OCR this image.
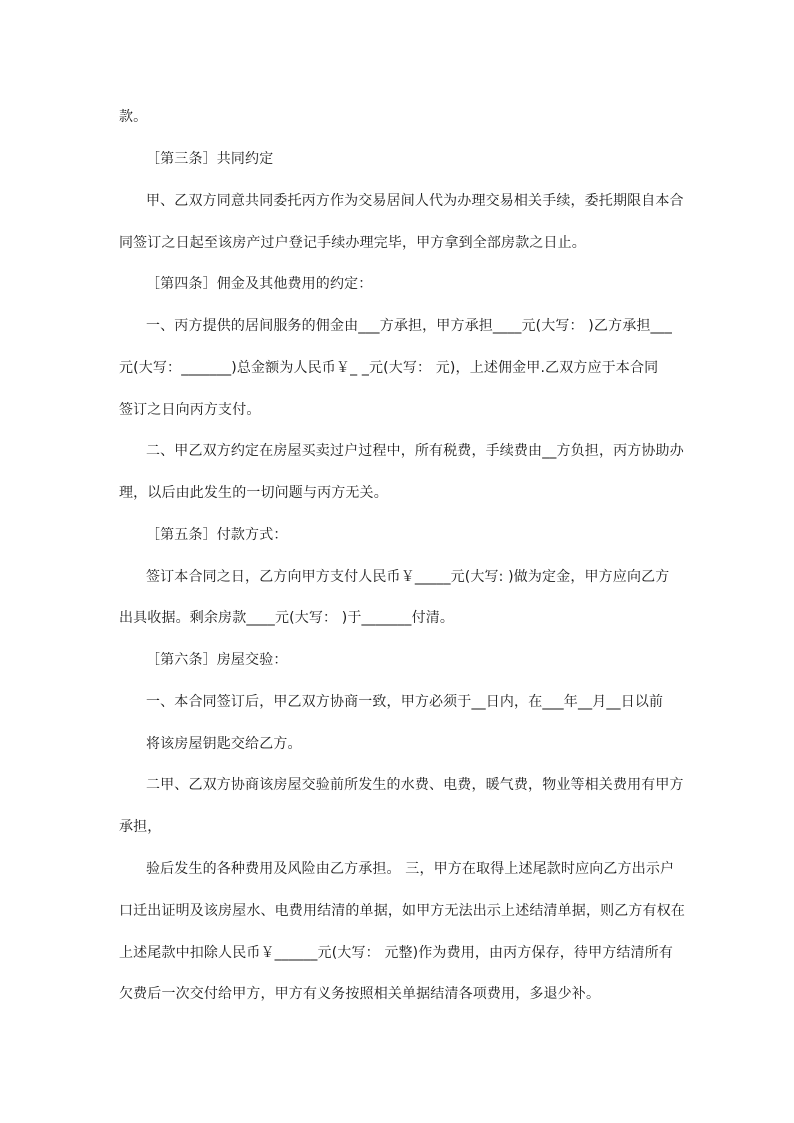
款。
［第三条］共同约定
甲、乙双方同意共同委托丙方作为交易居间人代为办理交易相关手续，委托期限自本合
同签订之日起至该房产过户登记手续办理完毕，甲方拿到全部房款之日止。
［第四条］佣金及其他费用的约定：
一、丙方提供的居间服务的佣金由___方承担，甲方承担____元(大写： )乙方承担___
元(大写：_______)总金额为人民币￥_ _元(大写： 元)，上述佣金甲.乙双方应于本合同
签订之日向丙方支付。
二、甲乙双方约定在房屋买卖过户过程中，所有税费，手续费由__方负担，丙方协助办
理，以后由此发生的一切问题与丙方无关。
［第五条］付款方式：
签订本合同之日，乙方向甲方支付人民币￥_____元(大写: )做为定金，甲方应向乙方
出具收据。剩余房款____元(大写： )于_______付清。
［第六条］房屋交验：
一、本合同签订后，甲乙双方协商一致，甲方必须于__日内，在___年__月__日以前
将该房屋钥匙交给乙方。
二甲、乙双方协商该房屋交验前所发生的水费、电费，暖气费，物业等相关费用有甲方
承担，
验后发生的各种费用及风险由乙方承担。 三，甲方在取得上述尾款时应向乙方出示户
口迁出证明及该房屋水、电费用结清的单据，如甲方无法出示上述结清单据，则乙方有权在
上述尾款中扣除人民币￥______元(大写： 元整)作为费用，由丙方保存，待甲方结清所有
欠费后一次交付给甲方，甲方有义务按照相关单据结清各项费用，多退少补。
